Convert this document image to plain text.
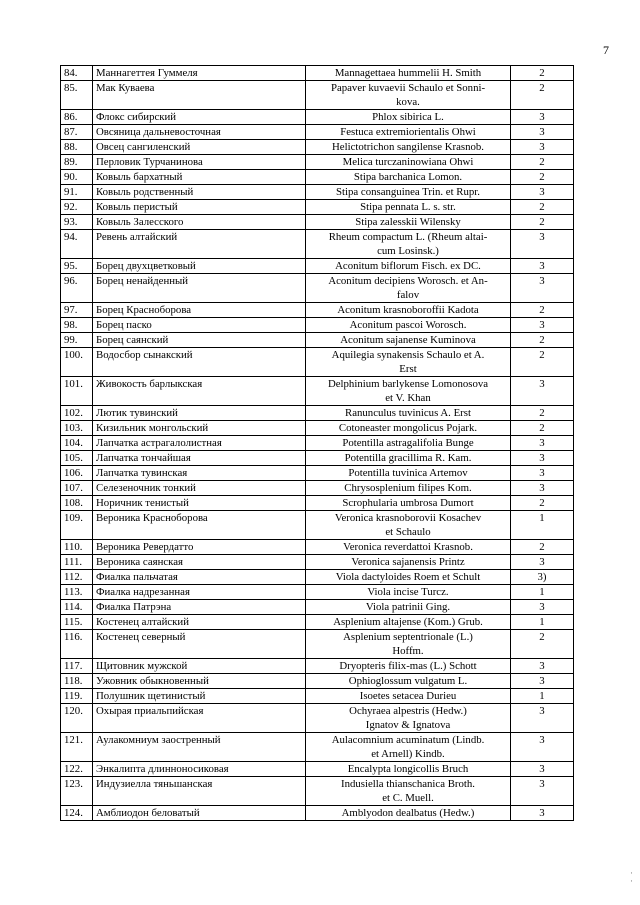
7
84.	Маннагеттея Гуммеля	Mannagettaea hummelii H. Smith	2
85.	Мак Куваева	Papaver kuvaevii Schaulo et Sonni-
kova.	2
86.	Флокс сибирский	Phlox sibirica L.	3
87.	Овсяница дальневосточная	Festuca extremiorientalis Ohwi	3
88.	Овсец сангиленский	Helictotrichon sangilense Krasnob.	3
89.	Перловик Турчанинова	Melica turczaninowiana Ohwi	2
90.	Ковыль бархатный	Stipa barchanica Lomon.	2
91.	Ковыль родственный	Stipa consanguinea Trin. et Rupr.	3
92.	Ковыль перистый	Stipa pennata L. s. str.	2
93.	Ковыль Залесского	Stipa zalesskii Wilensky	2
94.	Ревень алтайский	Rheum compactum L. (Rheum altai-
cum Losinsk.)	3
95.	Борец двухцветковый	Aconitum biflorum Fisch. ex DC.	3
96.	Борец ненайденный	Aconitum decipiens Worosch. et An-
falov	3
97.	Борец Красноборова	Aconitum krasnoboroffii Kadota	2
98.	Борец паско	Aconitum pascoi Worosch.	3
99.	Борец саянский	Aconitum sajanense Kuminova	2
100.	Водосбор сынакский	Aquilegia synakensis Schaulo et A.
Erst	2
101.	Живокость барлыкская	Delphinium barlykense Lomonosova
et V. Khan	3
102.	Лютик тувинский	Ranunculus tuvinicus A. Erst	2
103.	Кизильник монгольский	Cotoneaster mongolicus Pojark.	2
104.	Лапчатка астрагалолистная	Potentilla astragalifolia Bunge	3
105.	Лапчатка тончайшая	Potentilla gracillima R. Kam.	3
106.	Лапчатка тувинская	Potentilla tuvinica Artemov	3
107.	Селезеночник тонкий	Chrysosplenium filipes Kom.	3
108.	Норичник тенистый	Scrophularia umbrosa Dumort	2
109.	Вероника Красноборова	Veronica krasnoborovii Kosachev
et Schaulo	1
110.	Вероника Ревердатто	Veronica reverdattoi Krasnob.	2
111.	Вероника саянская	Veronica sajanensis Printz	3
112.	Фиалка пальчатая	Viola dactyloides Roem et Schult	3)
113.	Фиалка надрезанная	Viola incise Turcz.	1
114.	Фиалка Патрэна	Viola patrinii Ging.	3
115.	Костенец алтайский	Asplenium altajense (Kom.) Grub.	1
116.	Костенец северный	Asplenium septentrionale (L.)
Hoffm.	2
117.	Щитовник мужской	Dryopteris filix-mas (L.) Schott	3
118.	Ужовник обыкновенный	Ophioglossum vulgatum L.	3
119.	Полушник щетинистый	Isoetes setacea Durieu	1
120.	Охырая приальпийская	Ochyraea alpestris (Hedw.)
Ignatov & Ignatova	3
121.	Аулакомниум заостренный	Aulacomnium acuminatum (Lindb.
et Arnell) Kindb.	3
122.	Энкалипта длинноносиковая	Encalypta longicollis Bruch	3
123.	Индузиелла тяньшанская	Indusiella thianschanica Broth.
et C. Muell.	3
124.	Амблиодон беловатый	Amblyodon dealbatus (Hedw.)	3
·
·
